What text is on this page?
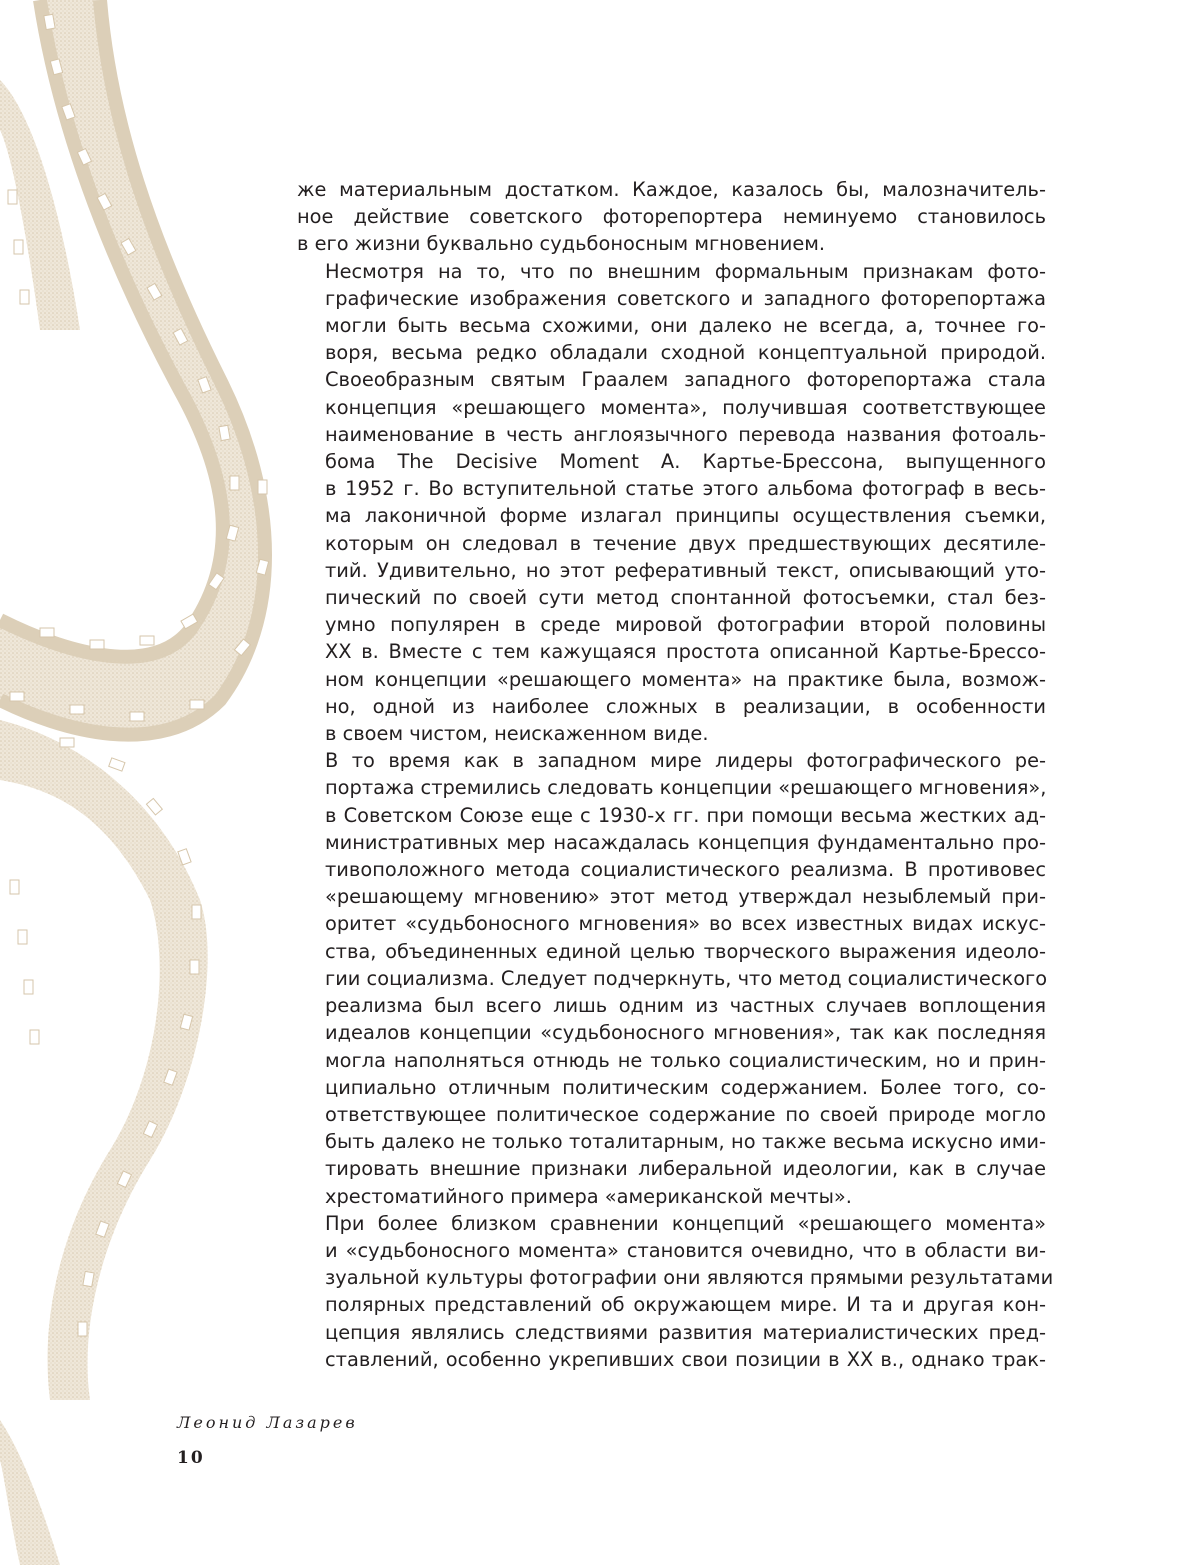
же материальным достатком. Каждое, казалось бы, малозначитель-
ное действие советского фоторепортера неминуемо становилось
в его жизни буквально судьбоносным мгновением.

Несмотря на то, что по внешним формальным признакам фото-
графические изображения советского и западного фоторепортажа
могли быть весьма схожими, они далеко не всегда, а, точнее го-
воря, весьма редко обладали сходной концептуальной природой.
Своеобразным святым Граалем западного фоторепортажа стала
концепция «решающего момента», получившая соответствующее
наименование в честь англоязычного перевода названия фотоаль-
бома The Decisive Moment А. Картье-Брессона, выпущенного
в 1952 г. Во вступительной статье этого альбома фотограф в весь-
ма лаконичной форме излагал принципы осуществления съемки,
которым он следовал в течение двух предшествующих десятиле-
тий. Удивительно, но этот реферативный текст, описывающий уто-
пический по своей сути метод спонтанной фотосъемки, стал без-
умно популярен в среде мировой фотографии второй половины
XX в. Вместе с тем кажущаяся простота описанной Картье-Брессо-
ном концепции «решающего момента» на практике была, возмож-
но, одной из наиболее сложных в реализации, в особенности
в своем чистом, неискаженном виде.

В то время как в западном мире лидеры фотографического ре-
портажа стремились следовать концепции «решающего мгновения»,
в Советском Союзе еще с 1930-х гг. при помощи весьма жестких ад-
министративных мер насаждалась концепция фундаментально про-
тивоположного метода социалистического реализма. В противовес
«решающему мгновению» этот метод утверждал незыблемый при-
оритет «судьбоносного мгновения» во всех известных видах искус-
ства, объединенных единой целью творческого выражения идеоло-
гии социализма. Следует подчеркнуть, что метод социалистического
реализма был всего лишь одним из частных случаев воплощения
идеалов концепции «судьбоносного мгновения», так как последняя
могла наполняться отнюдь не только социалистическим, но и прин-
ципиально отличным политическим содержанием. Более того, со-
ответствующее политическое содержание по своей природе могло
быть далеко не только тоталитарным, но также весьма искусно ими-
тировать внешние признаки либеральной идеологии, как в случае
хрестоматийного примера «американской мечты».

При более близком сравнении концепций «решающего момента»
и «судьбоносного момента» становится очевидно, что в области ви-
зуальной культуры фотографии они являются прямыми результатами
полярных представлений об окружающем мире. И та и другая кон-
цепция являлись следствиями развития материалистических пред-
ставлений, особенно укрепивших свои позиции в XX в., однако трак-

Леонид Лазарев
10
